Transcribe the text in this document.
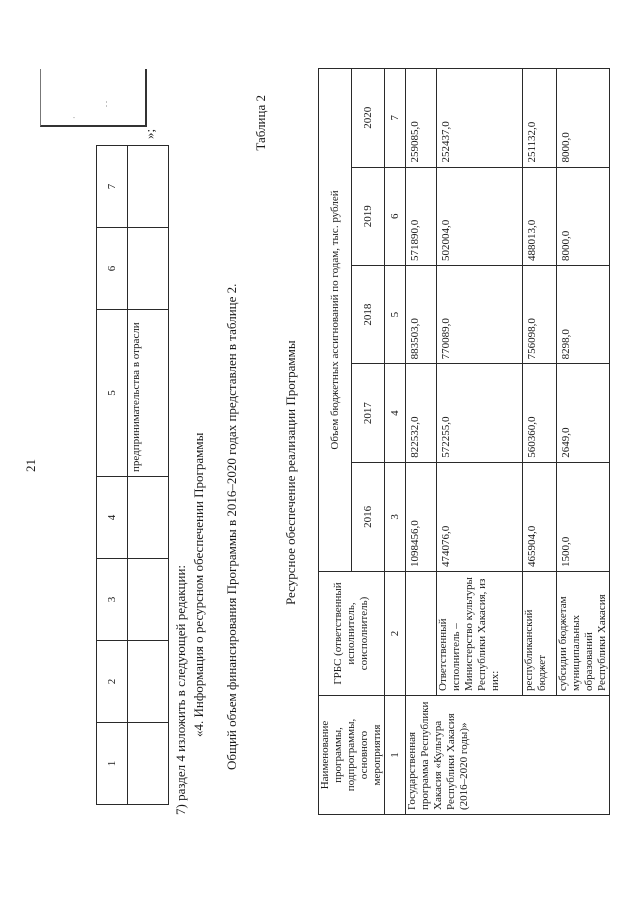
21
1	2	3	4	5	6	7
				предпринимательства в отрасли		
»;
7) раздел 4 изложить в следующей редакции: «4. Информация о ресурсном обеспечении Программы Общий объем финансирования Программы в 2016–2020 годах представлен в таблице 2.
Таблица 2
Ресурсное обеспечение реализации Программы
Наименование программы, подпрограммы, основного мероприятия	ГРБС (ответственный исполнитель, соисполнитель)	Объем бюджетных ассигнований по годам, тыс. рублей				
		2016	2017	2018	2019	2020
1	2	3	4	5	6	7
Государственная программа Республики Хакасия «Культура Республики Хакасия (2016–2020 годы)»		1098456,0	822532,0	883503,0	571890,0	259085,0
	Ответственный исполнитель – Министерство культуры Республики Хакасия, из них:	474076,0	572255,0	770089,0	502004,0	252437,0
	республиканский бюджет	465904,0	560360,0	756098,0	488013,0	251132,0
	субсидии бюджетам муниципальных образований Республики Хакасия	1500,0	2649,0	8298,0	8000,0	8000,0
·
. .
